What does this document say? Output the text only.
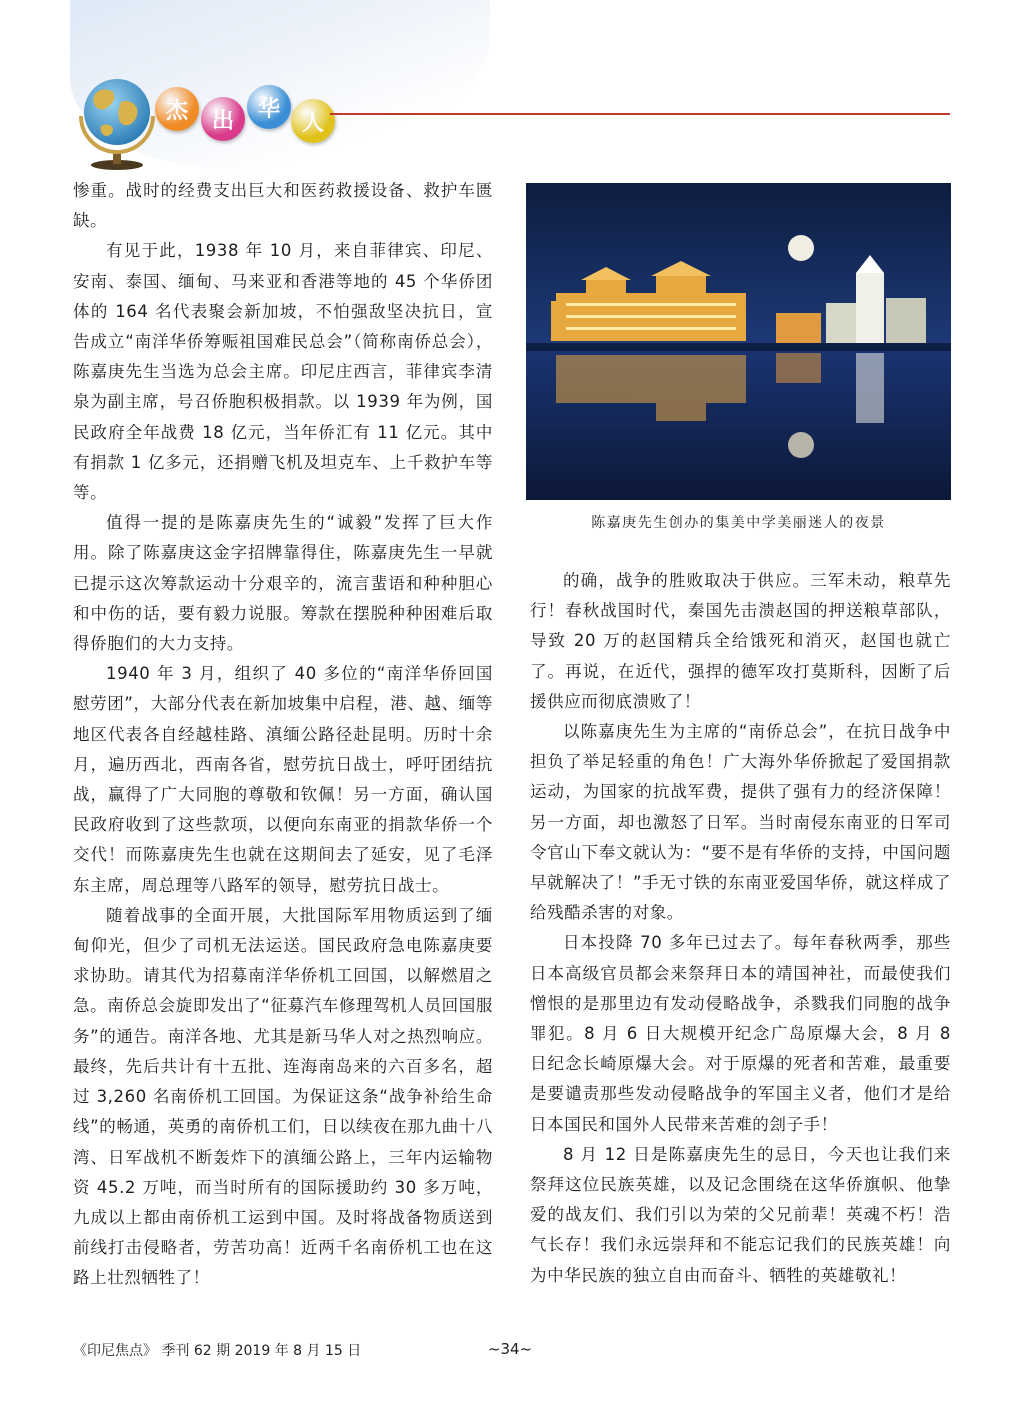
杰	出	华
人

惨重。战时的经费支出巨大和医药救援设备、救护车匮缺。

有见于此，1938 年 10 月，来自菲律宾、印尼、安南、泰国、缅甸、马来亚和香港等地的 45 个华侨团体的 164 名代表聚会新加坡，不怕强敌坚决抗日，宣告成立“南洋华侨筹赈祖国难民总会”（简称南侨总会），陈嘉庚先生当选为总会主席。印尼庄西言，菲律宾李清泉为副主席，号召侨胞积极捐款。以 1939 年为例，国民政府全年战费 18 亿元，当年侨汇有 11 亿元。其中有捐款 1 亿多元，还捐赠飞机及坦克车、上千救护车等等。

值得一提的是陈嘉庚先生的“诚毅”发挥了巨大作用。除了陈嘉庚这金字招牌靠得住，陈嘉庚先生一早就已提示这次筹款运动十分艰辛的，流言蜚语和种种胆心和中伤的话，要有毅力说服。筹款在摆脱种种困难后取得侨胞们的大力支持。

1940 年 3 月，组织了 40 多位的“南洋华侨回国慰劳团”，大部分代表在新加坡集中启程，港、越、缅等地区代表各自经越桂路、滇缅公路径赴昆明。历时十余月，遍历西北，西南各省，慰劳抗日战士，呼吁团结抗战，赢得了广大同胞的尊敬和钦佩！另一方面，确认国民政府收到了这些款项，以便向东南亚的捐款华侨一个交代！而陈嘉庚先生也就在这期间去了延安，见了毛泽东主席，周总理等八路军的领导，慰劳抗日战士。

随着战事的全面开展，大批国际军用物质运到了缅甸仰光，但少了司机无法运送。国民政府急电陈嘉庚要求协助。请其代为招募南洋华侨机工回国，以解燃眉之急。南侨总会旋即发出了“征募汽车修理驾机人员回国服务”的通告。南洋各地、尤其是新马华人对之热烈响应。最终，先后共计有十五批、连海南岛来的六百多名，超过 3,260 名南侨机工回国。为保证这条“战争补给生命线”的畅通，英勇的南侨机工们，日以续夜在那九曲十八湾、日军战机不断轰炸下的滇缅公路上，三年内运输物资 45.2 万吨，而当时所有的国际援助约 30 多万吨，九成以上都由南侨机工运到中国。及时将战备物质送到前线打击侵略者，劳苦功高！近两千名南侨机工也在这路上壮烈牺牲了！

陈嘉庚先生创办的集美中学美丽迷人的夜景

的确，战争的胜败取决于供应。三军未动，粮草先行！春秋战国时代，秦国先击溃赵国的押送粮草部队，导致 20 万的赵国精兵全给饿死和消灭，赵国也就亡了。再说，在近代，强捍的德军攻打莫斯科，因断了后援供应而彻底溃败了！

以陈嘉庚先生为主席的“南侨总会”，在抗日战争中担负了举足轻重的角色！广大海外华侨掀起了爱国捐款运动，为国家的抗战军费，提供了强有力的经济保障！另一方面，却也激怒了日军。当时南侵东南亚的日军司令官山下奉文就认为：“要不是有华侨的支持，中国问题早就解决了！”手无寸铁的东南亚爱国华侨，就这样成了给残酷杀害的对象。

日本投降 70 多年已过去了。每年春秋两季，那些日本高级官员都会来祭拜日本的靖国神社，而最使我们憎恨的是那里边有发动侵略战争，杀戮我们同胞的战争罪犯。8 月 6 日大规模开纪念广岛原爆大会，8 月 8 日纪念长崎原爆大会。对于原爆的死者和苦难，最重要是要谴责那些发动侵略战争的军国主义者，他们才是给日本国民和国外人民带来苦难的刽子手！

8 月 12 日是陈嘉庚先生的忌日，今天也让我们来祭拜这位民族英雄，以及记念围绕在这华侨旗帜、他挚爱的战友们、我们引以为荣的父兄前辈！英魂不朽！浩气长存！我们永远崇拜和不能忘记我们的民族英雄！向为中华民族的独立自由而奋斗、牺牲的英雄敬礼！

《印尼焦点》 季刊 62 期 2019 年 8 月 15 日	~34~
